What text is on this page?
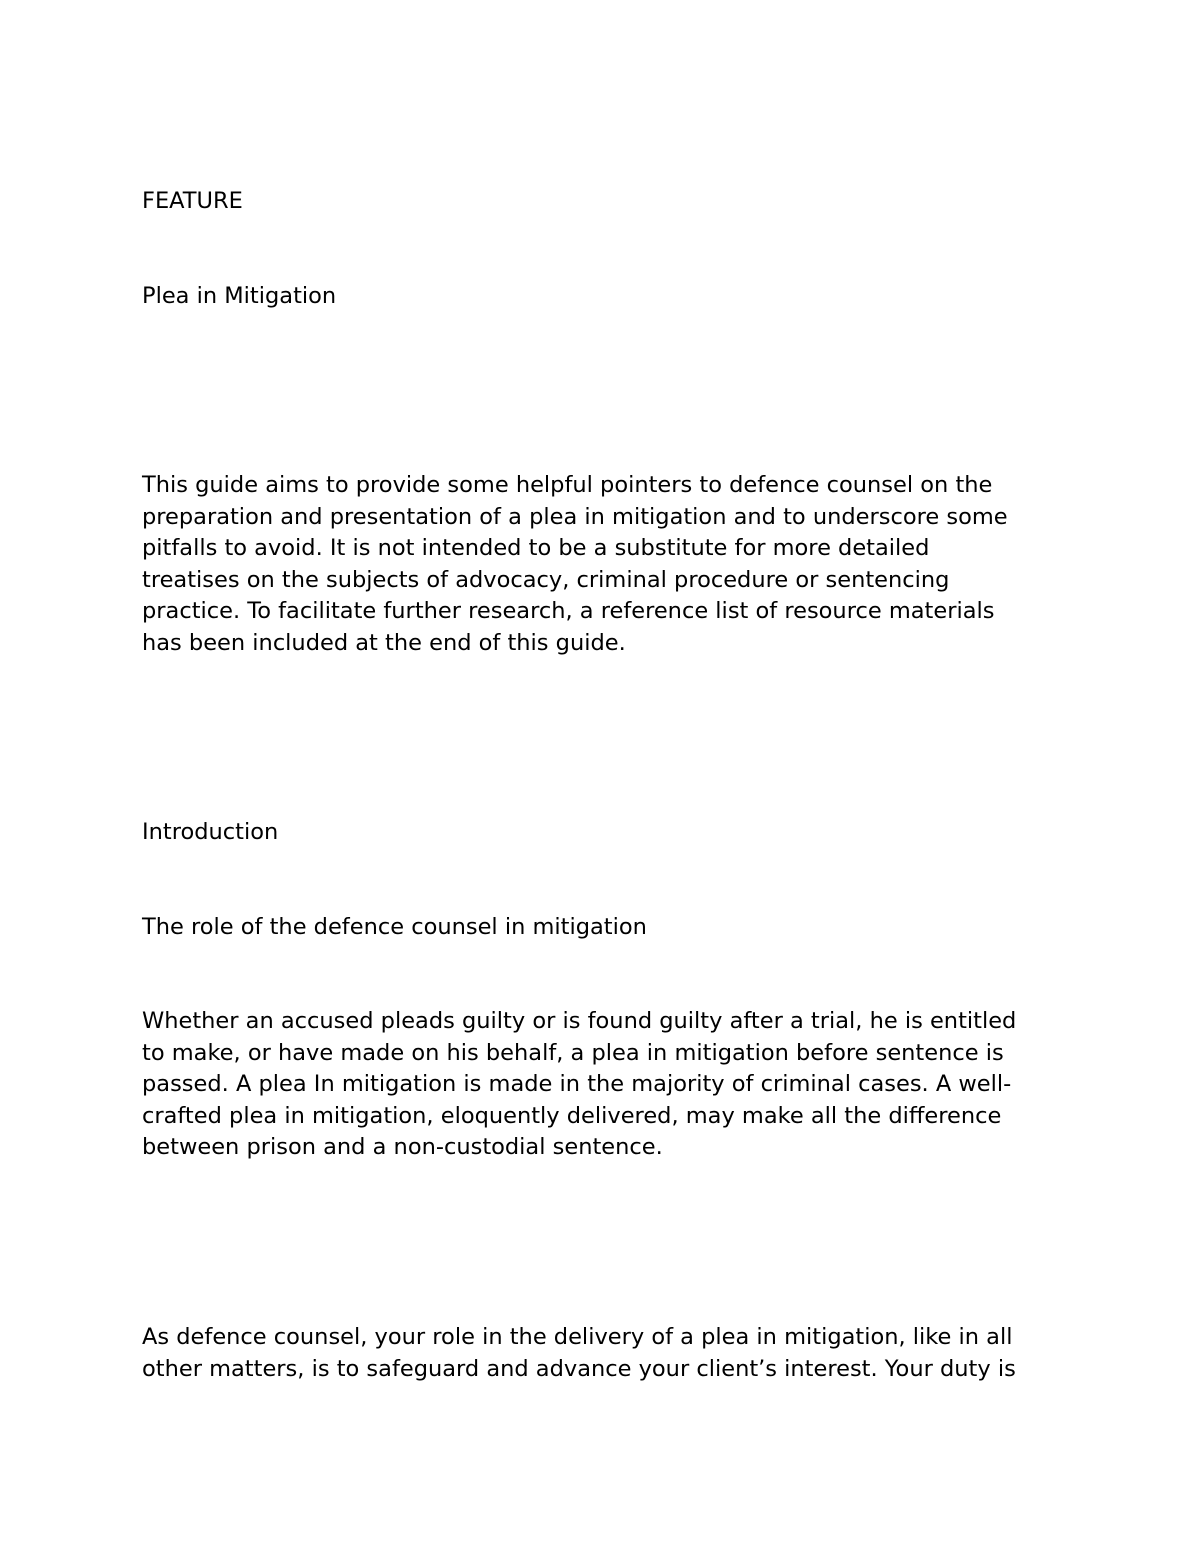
FEATURE

Plea in Mitigation

This guide aims to provide some helpful pointers to defence counsel on the
preparation and presentation of a plea in mitigation and to underscore some
pitfalls to avoid. It is not intended to be a substitute for more detailed
treatises on the subjects of advocacy, criminal procedure or sentencing
practice. To facilitate further research, a reference list of resource materials
has been included at the end of this guide.

Introduction

The role of the defence counsel in mitigation

Whether an accused pleads guilty or is found guilty after a trial, he is entitled
to make, or have made on his behalf, a plea in mitigation before sentence is
passed. A plea In mitigation is made in the majority of criminal cases. A well-
crafted plea in mitigation, eloquently delivered, may make all the difference
between prison and a non-custodial sentence.
As defence counsel, your role in the delivery of a plea in mitigation, like in all
other matters, is to safeguard and advance your client’s interest. Your duty is
